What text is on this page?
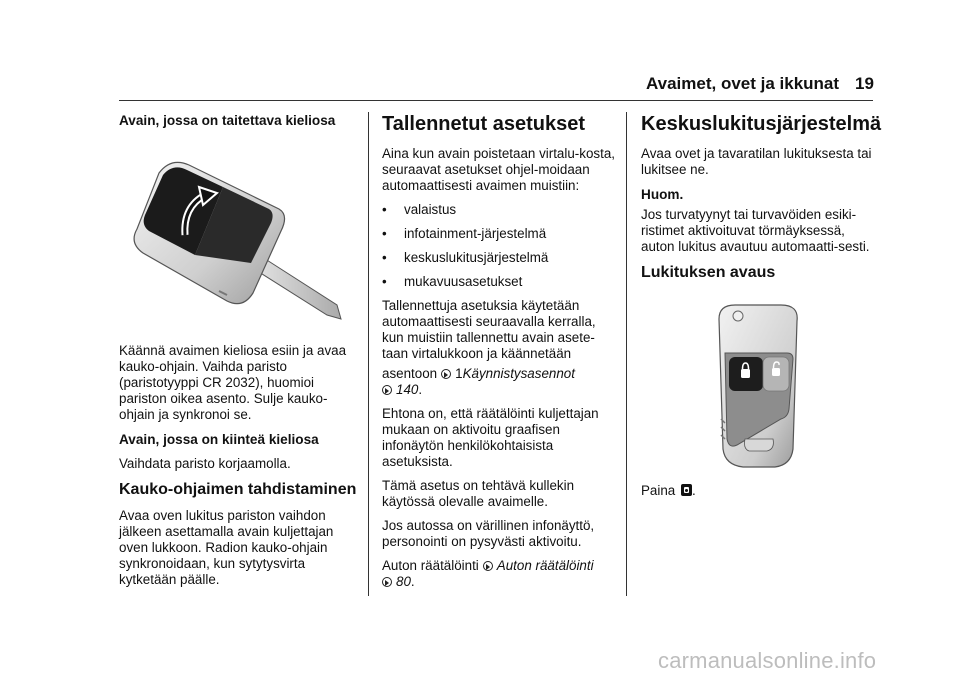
Avaimet, ovet ja ikkunat 19
Avain, jossa on taitettava kieliosa

Käännä avaimen kieliosa esiin ja avaa kauko-ohjain. Vaihda paristo (paristotyyppi CR 2032), huomioi pariston oikea asento. Sulje kauko-ohjain ja synkronoi se.

Avain, jossa on kiinteä kieliosa

Vaihdata paristo korjaamolla.

Kauko-ohjaimen tahdistaminen

Avaa oven lukitus pariston vaihdon jälkeen asettamalla avain kuljettajan oven lukkoon. Radion kauko-ohjain synkronoidaan, kun sytytysvirta kytketään päälle.

Tallennetut asetukset

Aina kun avain poistetaan virtalu-kosta, seuraavat asetukset ohjel-moidaan automaattisesti avaimen muistiin:

• valaistus
• infotainment-järjestelmä
• keskuslukitusjärjestelmä
• mukavuusasetukset

Tallennettuja asetuksia käytetään automaattisesti seuraavalla kerralla, kun muistiin tallennettu avain asete-taan virtalukkoon ja käännetään

asentoon 1Käynnistysasennot
140.

Ehtona on, että räätälöinti kuljettajan mukaan on aktivoitu graafisen infonäytön henkilökohtaisista asetuksista.

Tämä asetus on tehtävä kullekin käytössä olevalle avaimelle.

Jos autossa on värillinen infonäyttö, personointi on pysyvästi aktivoitu.

Auton räätälöinti Auton räätälöinti
80.

Keskuslukitusjärjestelmä

Avaa ovet ja tavaratilan lukituksesta tai lukitsee ne.

Huom.

Jos turvatyynyt tai turvavöiden esiki-ristimet aktivoituvat törmäyksessä, auton lukitus avautuu automaatti-sesti.

Lukituksen avaus

Paina .

carmanualsonline.info
